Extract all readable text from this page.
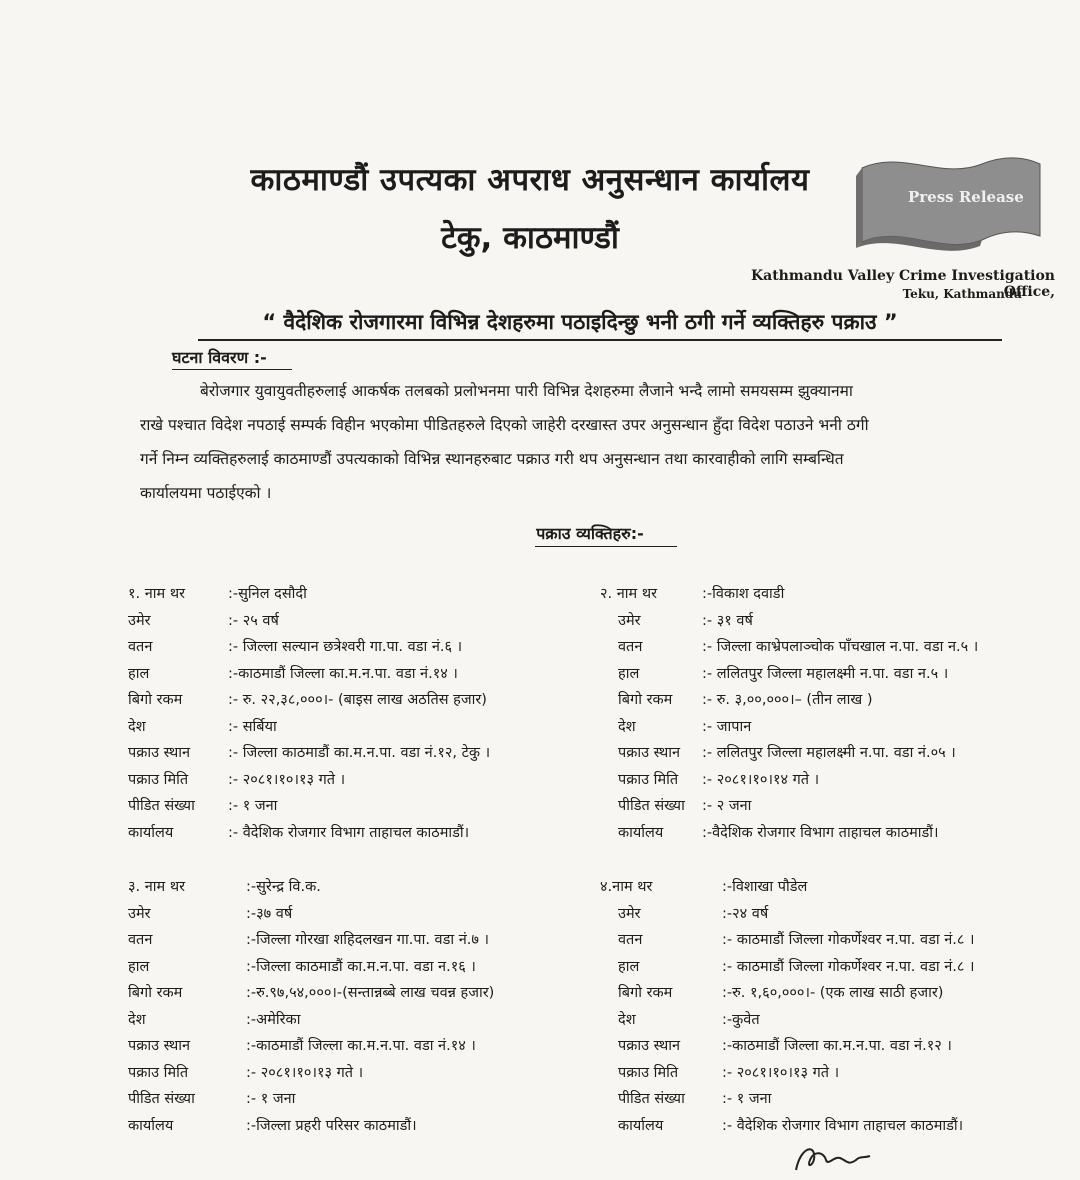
काठमाण्डौं उपत्यका अपराध अनुसन्धान कार्यालय
टेकु, काठमाण्डौं
Press Release
Kathmandu Valley Crime Investigation Office,
Teku, Kathmandu
“ वैदेशिक रोजगारमा विभिन्न देशहरुमा पठाइदिन्छु भनी ठगी गर्ने व्यक्तिहरु पक्राउ ”
घटना विवरण :-
बेरोजगार युवायुवतीहरुलाई आकर्षक तलबको प्रलोभनमा पारी विभिन्न देशहरुमा लैजाने भन्दै लामो समयसम्म झुक्यानमा
राखे पश्चात विदेश नपठाई सम्पर्क विहीन भएकोमा पीडितहरुले दिएको जाहेरी दरखास्त उपर अनुसन्धान हुँदा विदेश पठाउने भनी ठगी
गर्ने निम्न व्यक्तिहरुलाई काठमाण्डौं उपत्यकाको विभिन्न स्थानहरुबाट पक्राउ गरी थप अनुसन्धान तथा कारवाहीको लागि सम्बन्धित
कार्यालयमा पठाईएको ।
पक्राउ व्यक्तिहरु:-
१. नाम थर	:-सुनिल दसौदी
उमेर	:- २५ वर्ष
वतन	:- जिल्ला सल्यान छत्रेश्वरी गा.पा. वडा नं.६ ।
हाल	:-काठमाडौं जिल्ला का.म.न.पा. वडा नं.१४ ।
बिगो रकम	:- रु. २२,३८,०००।- (बाइस लाख अठतिस हजार)
देश	:- सर्बिया
पक्राउ स्थान	:- जिल्ला काठमाडौं का.म.न.पा. वडा नं.१२, टेकु ।
पक्राउ मिति	:- २०८१।१०।१३ गते ।
पीडित संख्या :- १ जना
कार्यालय	:- वैदेशिक रोजगार विभाग ताहाचल काठमाडौं।
२. नाम थर	:-विकाश दवाडी
उमेर	:- ३१ वर्ष
वतन	:- जिल्ला काभ्रेपलाञ्चोक पाँचखाल न.पा. वडा न.५ ।
हाल	:- ललितपुर जिल्ला महालक्ष्मी न.पा. वडा न.५ ।
बिगो रकम :- रु. ३,००,०००।– (तीन लाख )
देश	:- जापान
पक्राउ स्थान :- ललितपुर जिल्ला महालक्ष्मी न.पा. वडा नं.०५ ।
पक्राउ मिति :- २०८१।१०।१४ गते ।
पीडित संख्या :- २ जना
कार्यालय	:-वैदेशिक रोजगार विभाग ताहाचल काठमाडौं।
३. नाम थर	:-सुरेन्द्र वि.क.
उमेर	:-३७ वर्ष
वतन	:-जिल्ला गोरखा शहिदलखन गा.पा. वडा नं.७ ।
हाल	:-जिल्ला काठमाडौं का.म.न.पा. वडा न.१६ ।
बिगो रकम	:-रु.९७,५४,०००।-(सन्तान्नब्बे लाख चवन्न हजार)
देश	:-अमेरिका
पक्राउ स्थान	:-काठमाडौं जिल्ला का.म.न.पा. वडा नं.१४ ।
पक्राउ मिति	:- २०८१।१०।१३ गते ।
पीडित संख्या	:- १ जना
कार्यालय	:-जिल्ला प्रहरी परिसर काठमाडौं।
४.नाम थर	:-विशाखा पौडेल
उमेर	:-२४ वर्ष
वतन	:- काठमाडौं जिल्ला गोकर्णेश्वर न.पा. वडा नं.८ ।
हाल	:- काठमाडौं जिल्ला गोकर्णेश्वर न.पा. वडा नं.८ ।
बिगो रकम	:-रु. १,६०,०००।- (एक लाख साठी हजार)
देश	:-कुवेत
पक्राउ स्थान	:-काठमाडौं जिल्ला का.म.न.पा. वडा नं.१२ ।
पक्राउ मिति	:- २०८१।१०।१३ गते ।
पीडित संख्या	:- १ जना
कार्यालय	:- वैदेशिक रोजगार विभाग ताहाचल काठमाडौं।
